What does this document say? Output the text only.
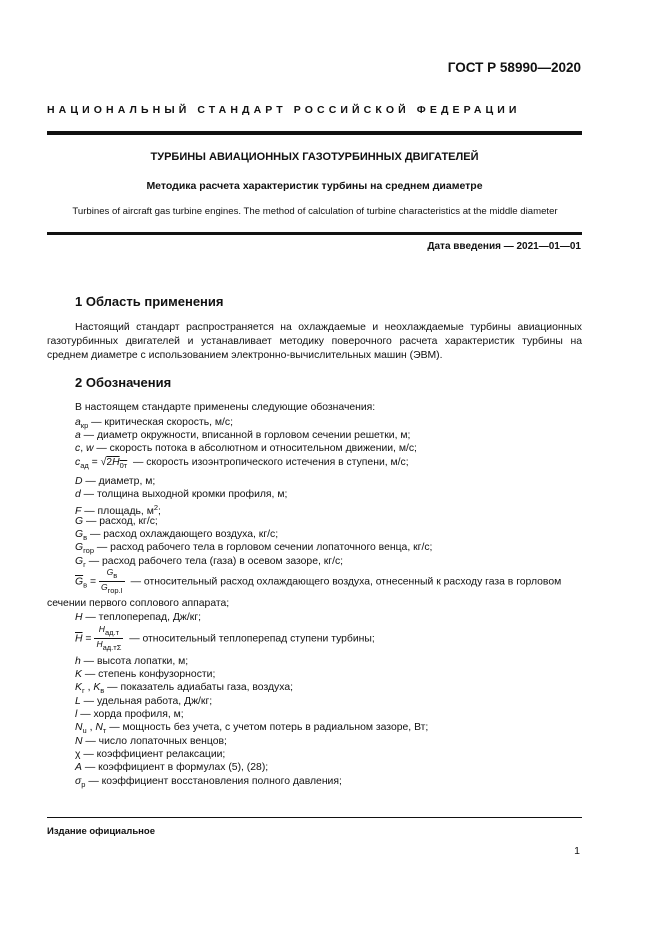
ГОСТ Р 58990—2020
НАЦИОНАЛЬНЫЙ СТАНДАРТ РОССИЙСКОЙ ФЕДЕРАЦИИ
ТУРБИНЫ АВИАЦИОННЫХ ГАЗОТУРБИННЫХ ДВИГАТЕЛЕЙ
Методика расчета характеристик турбины на среднем диаметре
Turbines of aircraft gas turbine engines. The method of calculation of turbine characteristics at the middle diameter
Дата введения — 2021—01—01
1 Область применения
Настоящий стандарт распространяется на охлаждаемые и неохлаждаемые турбины авиационных газотурбинных двигателей и устанавливает методику поверочного расчета характеристик турбины на среднем диаметре с использованием электронно-вычислительных машин (ЭВМ).
2 Обозначения
В настоящем стандарте применены следующие обозначения:
$a_{кр}$ — критическая скорость, м/с;
a — диаметр окружности, вписанной в горловом сечении решетки, м;
c, w — скорость потока в абсолютном и относительном движении, м/с;
$c_{ад} = √2H_{0т}$ — скорость изоэнтропического истечения в ступени, м/с;
D — диаметр, м;
d — толщина выходной кромки профиля, м;
F — площадь, $м^2$;
G — расход, кг/с;
$G_в$ — расход охлаждающего воздуха, кг/с;
$G_{гор}$ — расход рабочего тела в горловом сечении лопаточного венца, кг/с;
$G_г$ — расход рабочего тела (газа) в осевом зазоре, кг/с;
$\overline{G}_в = \frac{G_в}{G_{гор.I}}$ — относительный расход охлаждающего воздуха, отнесенный к расходу газа в горловом
сечении первого соплового аппарата;
H — теплоперепад, Дж/кг;
$\overline{H} = \frac{H_{ад.т}}{H_{ад.т\Sigma}}$ — относительный теплоперепад ступени турбины;
h — высота лопатки, м;
K — степень конфузорности;
$K_г$ , $K_в$ — показатель адиабаты газа, воздуха;
L — удельная работа, Дж/кг;
l — хорда профиля, м;
$N_u$ , $N_т$ — мощность без учета, с учетом потерь в радиальном зазоре, Вт;
N — число лопаточных венцов;
χ — коэффициент релаксации;
A — коэффициент в формулах (5), (28);
$\sigma_p$ — коэффициент восстановления полного давления;
Издание официальное
1
